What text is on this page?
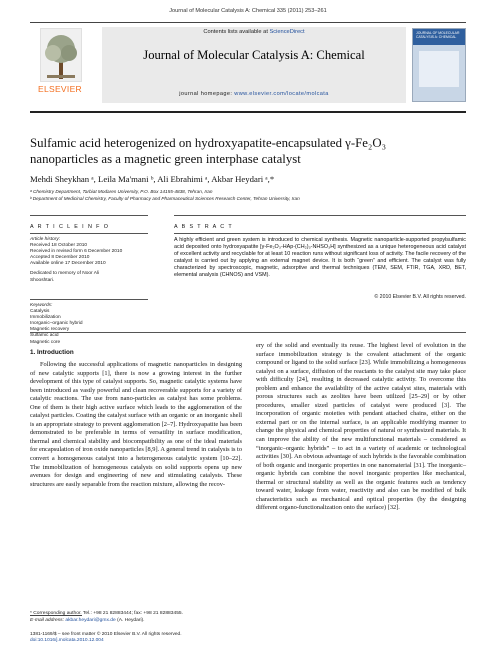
Journal of Molecular Catalysis A: Chemical 335 (2011) 253–261
ELSEVIER
Contents lists available at ScienceDirect
Journal of Molecular Catalysis A: Chemical
journal homepage: www.elsevier.com/locate/molcata
JOURNAL OF MOLECULAR CATALYSIS A: CHEMICAL
Sulfamic acid heterogenized on hydroxyapatite-encapsulated γ-Fe₂O₃
nanoparticles as a magnetic green interphase catalyst
Mehdi Sheykhan ᵃ, Leila Ma'mani ᵇ, Ali Ebrahimi ᵃ, Akbar Heydari ᵃ,*
ᵃ Chemistry Department, Tarbiat Modares University, P.O. Box 14155-4838, Tehran, Iran
ᵇ Department of Medicinal Chemistry, Faculty of Pharmacy and Pharmaceutical Sciences Research Center, Tehran University, Iran
A R T I C L E I N F O	A B S T R A C T
Article history:
Received 18 October 2010
Received in revised form 6 December 2010
Accepted 8 December 2010
Available online 17 December 2010
Dedicated to memory of Noor Ali
Shooshtari.
Keywords:
Catalysis
Immobilization
Inorganic–organic hybrid
Magnetic recovery
Sulfamic acid
Magnetic core
A highly efficient and green system is introduced to chemical synthesis. Magnetic nanoparticle-supported propylsulfamic acid deposited onto hydroxyapatite [γ-Fe₂O₃-HAp-(CH₂)₃-NHSO₃H] synthesized as a unique heterogeneous acid catalyst of excellent activity and recyclable for at least 10 reaction runs without significant loss of activity. The facile recovery of the catalyst is carried out by applying an external magnet device. It is both “green” and efficient. The catalyst was fully characterized by spectroscopic, magnetic, adsorptive and thermal techniques (TEM, SEM, FTIR, TGA, XRD, BET, elemental analysis (CHNOS) and VSM).
© 2010 Elsevier B.V. All rights reserved.
1. Introduction

Following the successful applications of magnetic nanoparticles in designing of new catalytic supports [1], there is now a growing interest in the further development of this type of catalyst supports. So, magnetic catalytic systems have been introduced as vastly powerful and clean recoverable supports for a variety of catalytic reactions. The use from nano-particles as catalyst has some problems. One of them is their high active surface which leads to the agglomeration of the catalyst particles. Coating the catalyst surface with an organic or an inorganic shell is an appropriate strategy to prevent agglomeration [2–7]. Hydroxyapatite has been demonstrated to be preferable in terms of versatility in surface modification, thermal and chemical stability and biocompatibility as one of the ideal materials for encapsulation of iron oxide nanoparticles [8,9]. A general trend in catalysis is to convert a homogeneous catalyst into a heterogeneous catalytic system [10–22]. The immobilization of homogeneous catalysts on solid supports opens up new avenues for design and engineering of new and stimulating catalysts. These structures are easily separable from the reaction mixture, allowing the recov-

ery of the solid and eventually its reuse. The highest level of evolution in the surface immobilization strategy is the covalent attachment of the organic compound or ligand to the solid surface [23]. While immobilizing a homogeneous catalyst on a surface, diffusion of the reactants to the catalyst site may take place with difficulty [24], resulting in decreased catalytic activity. To overcome this problem and enhance the availability of the active catalyst sites, materials with porous structures such as zeolites have been utilized [25–29] or by other procedures, smaller sized particles of catalyst were produced [3]. The incorporation of organic moieties with pendant attached chains, either on the external part or on the internal surface, is an applicable modifying manner to change the physical and chemical properties of natural or synthesized materials. It can improve the ability of the new multifunctional materials – considered as “inorganic–organic hybrids” – to act in a variety of academic or technological activities [30]. An obvious advantage of such hybrids is the favorable combination of both organic and inorganic properties in one nanomaterial [31]. The inorganic–organic hybrids can combine the novel inorganic properties like mechanical, thermal or structural stability as well as the organic features such as tendency toward water, leakage from water, reactivity and also can be modified of bulk characteristics such as mechanical and optical properties (by the designing different organo-functionalization onto the surface) [32].

* Corresponding author. Tel.: +98 21 82883444; fax: +98 21 82883455.
E-mail address: akbar.heydari@gmx.de (A. Heydari).
1381-1169/$ – see front matter © 2010 Elsevier B.V. All rights reserved.
doi:10.1016/j.molcata.2010.12.004
